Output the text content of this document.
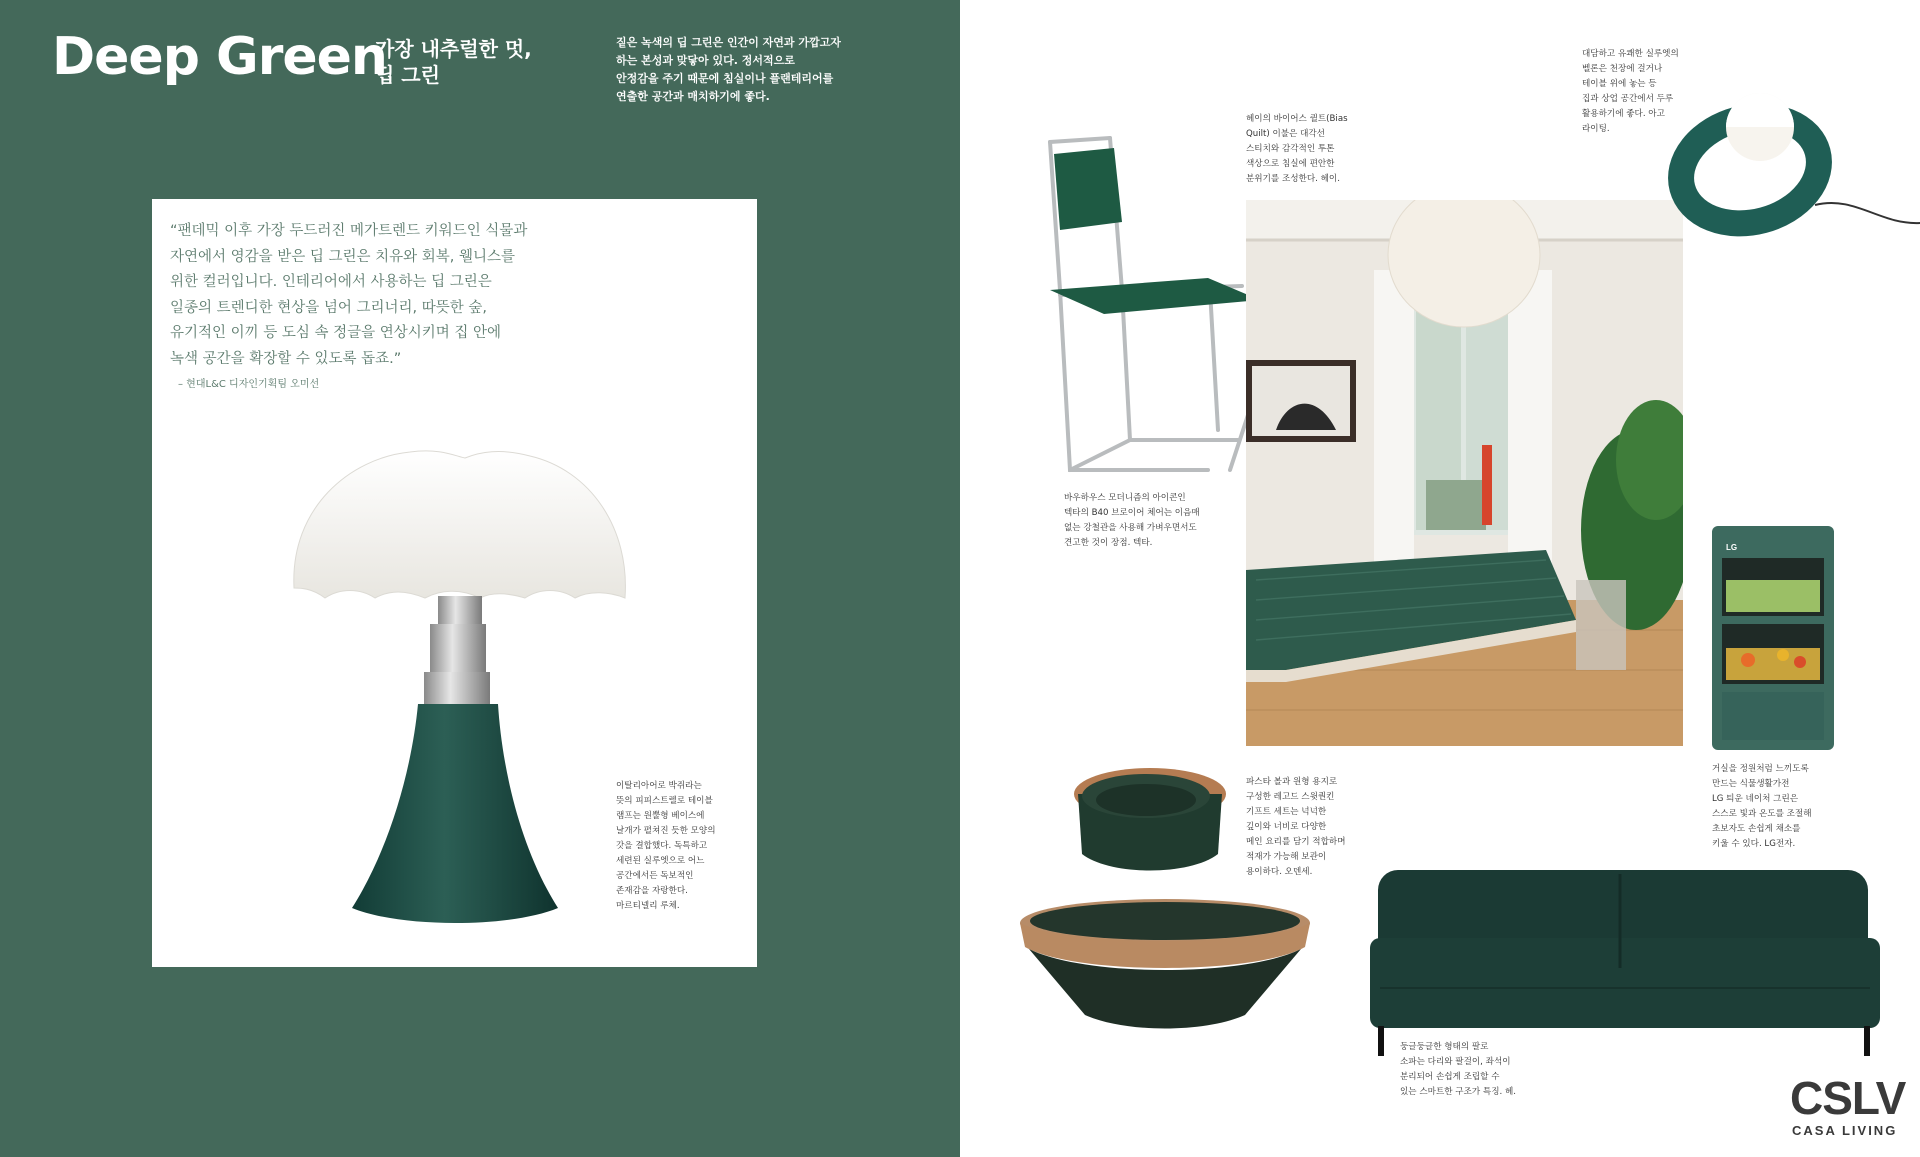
Deep Green
가장 내추럴한 멋,
딥 그린
짙은 녹색의 딥 그린은 인간이 자연과 가깝고자
하는 본성과 맞닿아 있다. 정서적으로
안정감을 주기 때문에 침실이나 플랜테리어를
연출한 공간과 매치하기에 좋다.
“팬데믹 이후 가장 두드러진 메가트렌드 키워드인 식물과
자연에서 영감을 받은 딥 그린은 치유와 회복, 웰니스를
위한 컬러입니다. 인테리어에서 사용하는 딥 그린은
일종의 트렌디한 현상을 넘어 그리너리, 따뜻한 숲,
유기적인 이끼 등 도심 속 정글을 연상시키며 집 안에
녹색 공간을 확장할 수 있도록 돕죠.”
– 현대L&C 디자인기획팀 오미선
이탈리아어로 박쥐라는
뜻의 피피스트렐로 테이블
램프는 원뿔형 베이스에
날개가 펼쳐진 듯한 모양의
갓을 결합했다. 독특하고
세련된 실루엣으로 어느
공간에서든 독보적인
존재감을 자랑한다.
마르티넬리 루체.
LG
헤이의 바이어스 퀼트(Bias
Quilt) 이불은 대각선
스티치와 감각적인 투톤
색상으로 침실에 편안한
분위기를 조성한다. 헤이.
대담하고 유쾌한 실루엣의
벨론은 천장에 걸거나
테이블 위에 놓는 등
집과 상업 공간에서 두루
활용하기에 좋다. 아고
라이팅.
바우하우스 모더니즘의 아이콘인
텍타의 B40 브로이어 체어는 이음매
없는 강철관을 사용해 가벼우면서도
견고한 것이 장점. 텍타.
거실을 정원처럼 느끼도록
만드는 식물생활가전
LG 틔운 네이처 그린은
스스로 빛과 온도를 조절해
초보자도 손쉽게 채소를
키울 수 있다. LG전자.
파스타 볼과 원형 용지로
구성한 레고드 스윗퀀킨
기프트 세트는 넉넉한
깊이와 너비로 다양한
메인 요리를 담기 적합하며
적재가 가능해 보관이
용이하다. 오덴세.
둥글둥글한 형태의 팔로
소파는 다리와 팔걸이, 좌석이
분리되어 손쉽게 조립할 수
있는 스마트한 구조가 특징. 헤.	CSLV
CASA LIVING
